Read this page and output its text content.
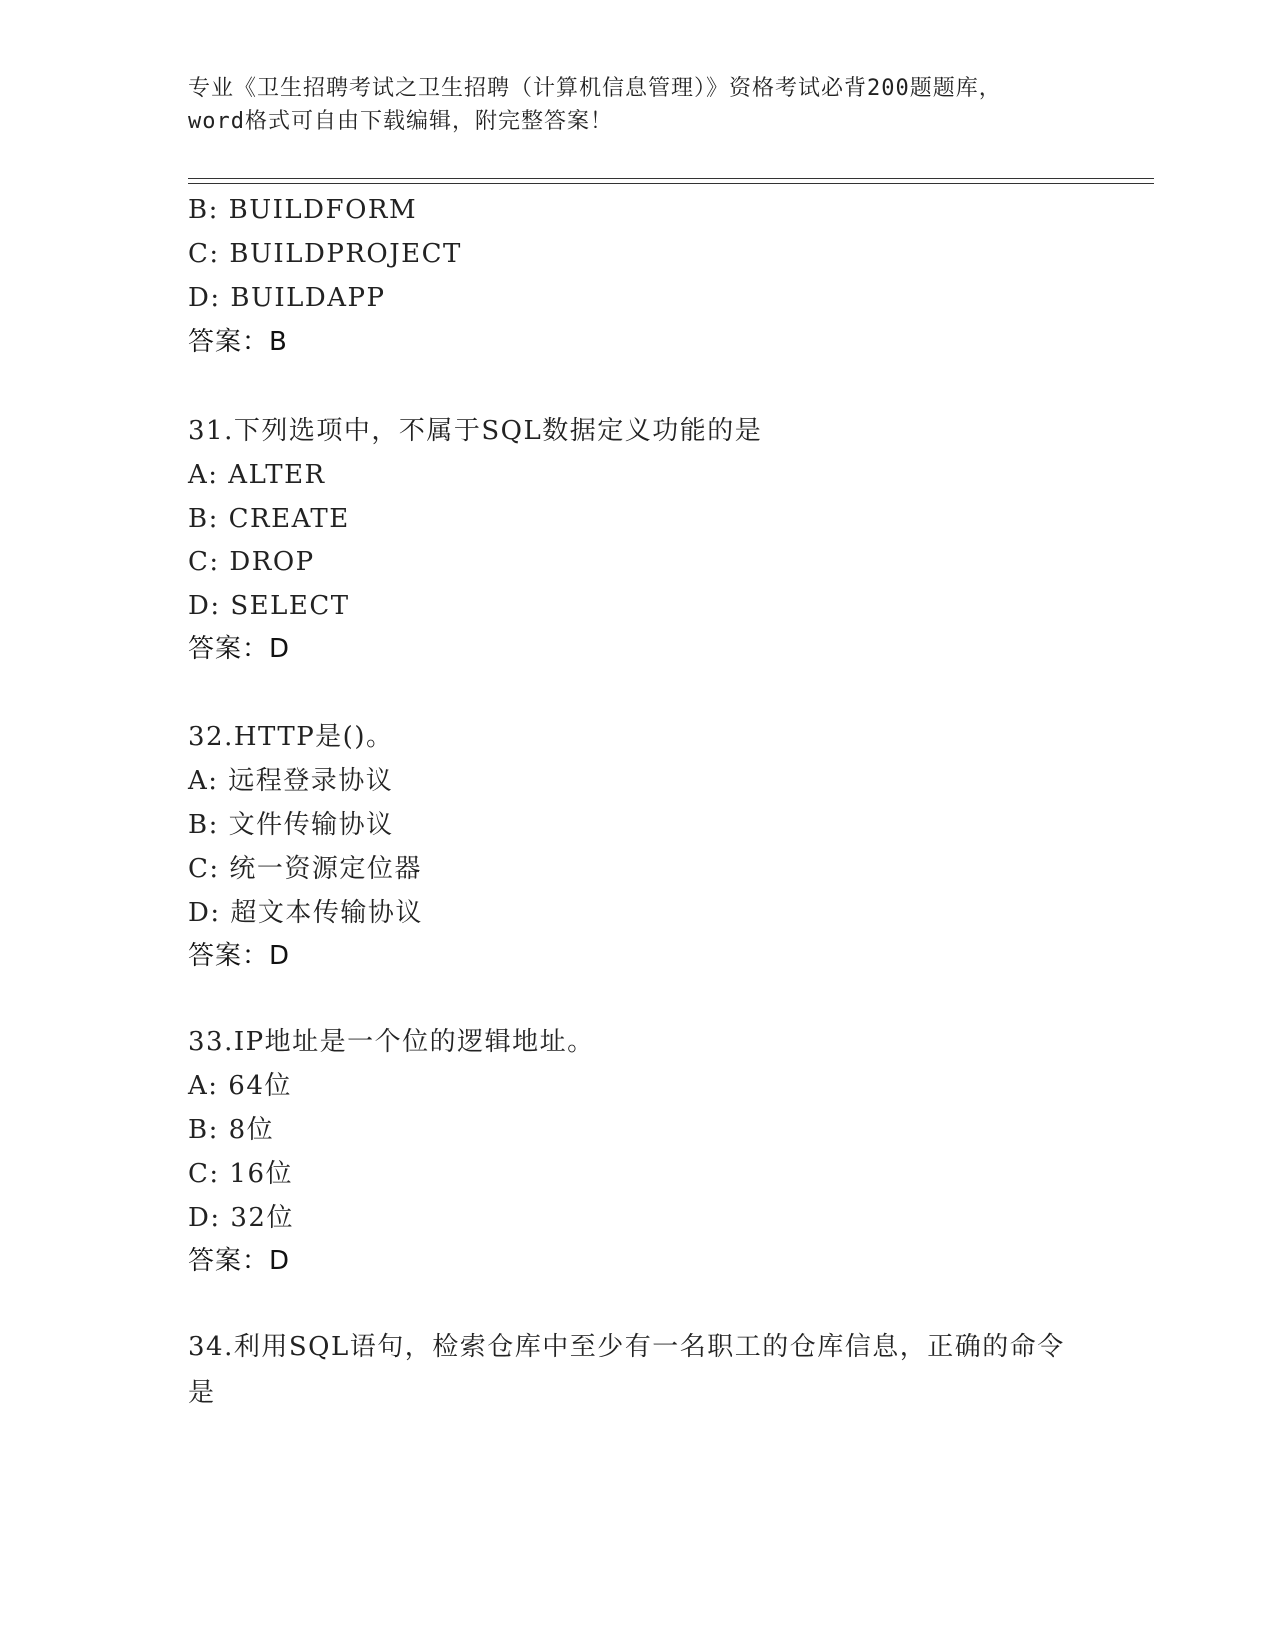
专业《卫生招聘考试之卫生招聘（计算机信息管理）》资格考试必背200题题库，
word格式可自由下载编辑，附完整答案！
B: BUILDFORM
C: BUILDPROJECT
D: BUILDAPP
答案：B
31.下列选项中，不属于SQL数据定义功能的是
A: ALTER
B: CREATE
C: DROP
D: SELECT
答案：D
32.HTTP是()。
A: 远程登录协议
B: 文件传输协议
C: 统一资源定位器
D: 超文本传输协议
答案：D
33.IP地址是一个位的逻辑地址。
A: 64位
B: 8位
C: 16位
D: 32位
答案：D
34.利用SQL语句，检索仓库中至少有一名职工的仓库信息，正确的命令是
